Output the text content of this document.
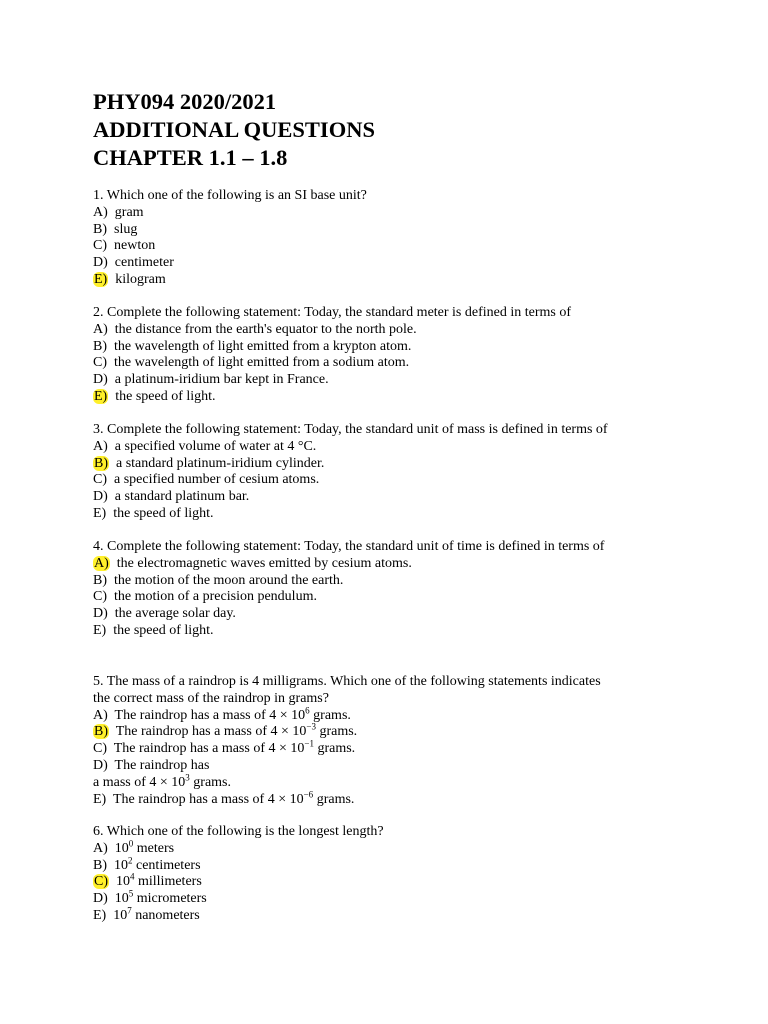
PHY094 2020/2021
ADDITIONAL QUESTIONS
CHAPTER 1.1 – 1.8
1. Which one of the following is an SI base unit?
A) gram
B) slug
C) newton
D) centimeter
E) kilogram
2. Complete the following statement: Today, the standard meter is defined in terms of
A) the distance from the earth's equator to the north pole.
B) the wavelength of light emitted from a krypton atom.
C) the wavelength of light emitted from a sodium atom.
D) a platinum-iridium bar kept in France.
E) the speed of light.
3. Complete the following statement: Today, the standard unit of mass is defined in terms of
A) a specified volume of water at 4 °C.
B) a standard platinum-iridium cylinder.
C) a specified number of cesium atoms.
D) a standard platinum bar.
E) the speed of light.
4. Complete the following statement: Today, the standard unit of time is defined in terms of
A) the electromagnetic waves emitted by cesium atoms.
B) the motion of the moon around the earth.
C) the motion of a precision pendulum.
D) the average solar day.
E) the speed of light.
5. The mass of a raindrop is 4 milligrams. Which one of the following statements indicates
the correct mass of the raindrop in grams?
A) The raindrop has a mass of $4 \times 10^6$ grams.
B) The raindrop has a mass of $4 \times 10^{-3}$ grams.
C) The raindrop has a mass of $4 \times 10^{-1}$ grams.
D) The raindrop has
a mass of $4 \times 10^3$ grams.
E) The raindrop has a mass of $4 \times 10^{-6}$ grams.
6. Which one of the following is the longest length?
A) $10^0$ meters
B) $10^2$ centimeters
C) $10^4$ millimeters
D) $10^5$ micrometers
E) $10^7$ nanometers
